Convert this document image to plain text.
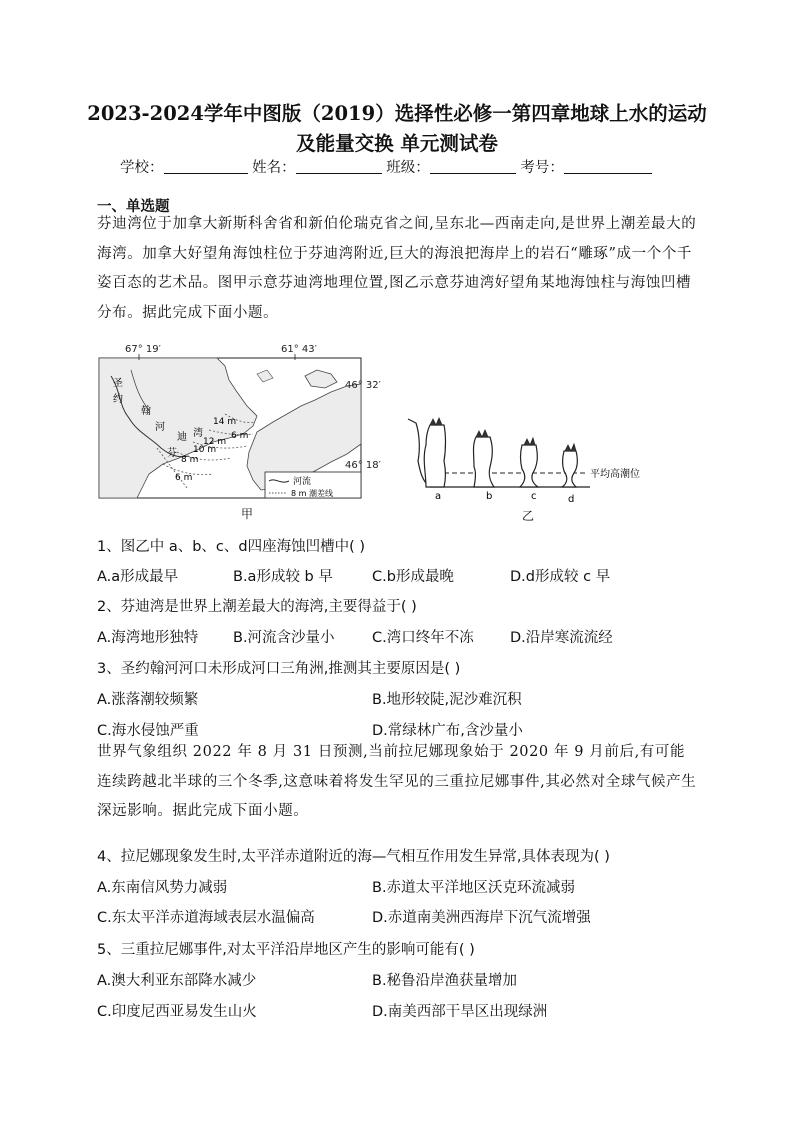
2023-2024学年中图版（2019）选择性必修一第四章地球上水的运动
及能量交换 单元测试卷
学校：	姓名：	班级：	考号：
一、单选题
芬迪湾位于加拿大新斯科舍省和新伯伦瑞克省之间,呈东北—西南走向,是世界上潮差最大的海湾。加拿大好望角海蚀柱位于芬迪湾附近,巨大的海浪把海岸上的岩石“雕琢”成一个个千姿百态的艺术品。图甲示意芬迪湾地理位置,图乙示意芬迪湾好望角某地海蚀柱与海蚀凹槽分布。据此完成下面小题。
67° 19′	61° 43′
46° 32′
46° 18′
圣
约
翰
河
芬
迪 湾
14 m
6 m
12 m
10 m
8 m
6 m	河流
8 m 潮差线
甲
平均高潮位
a	b	c	d
乙
1、图乙中 a、b、c、d四座海蚀凹槽中( )
A.a形成最早	B.a形成较 b 早	C.b形成最晚	D.d形成较 c 早
2、芬迪湾是世界上潮差最大的海湾,主要得益于( )
A.海湾地形独特 B.河流含沙量小	C.湾口终年不冻	D.沿岸寒流流经
3、圣约翰河河口未形成河口三角洲,推测其主要原因是( )
A.涨落潮较频繁	B.地形较陡,泥沙难沉积
C.海水侵蚀严重	D.常绿林广布,含沙量小
世界气象组织 2022 年 8 月 31 日预测,当前拉尼娜现象始于 2020 年 9 月前后,有可能连续跨越北半球的三个冬季,这意味着将发生罕见的三重拉尼娜事件,其必然对全球气候产生深远影响。据此完成下面小题。
4、拉尼娜现象发生时,太平洋赤道附近的海—气相互作用发生异常,具体表现为( )
A.东南信风势力减弱	B.赤道太平洋地区沃克环流减弱
C.东太平洋赤道海域表层水温偏高	D.赤道南美洲西海岸下沉气流增强
5、三重拉尼娜事件,对太平洋沿岸地区产生的影响可能有( )
A.澳大利亚东部降水减少	B.秘鲁沿岸渔获量增加
C.印度尼西亚易发生山火	D.南美西部干旱区出现绿洲
